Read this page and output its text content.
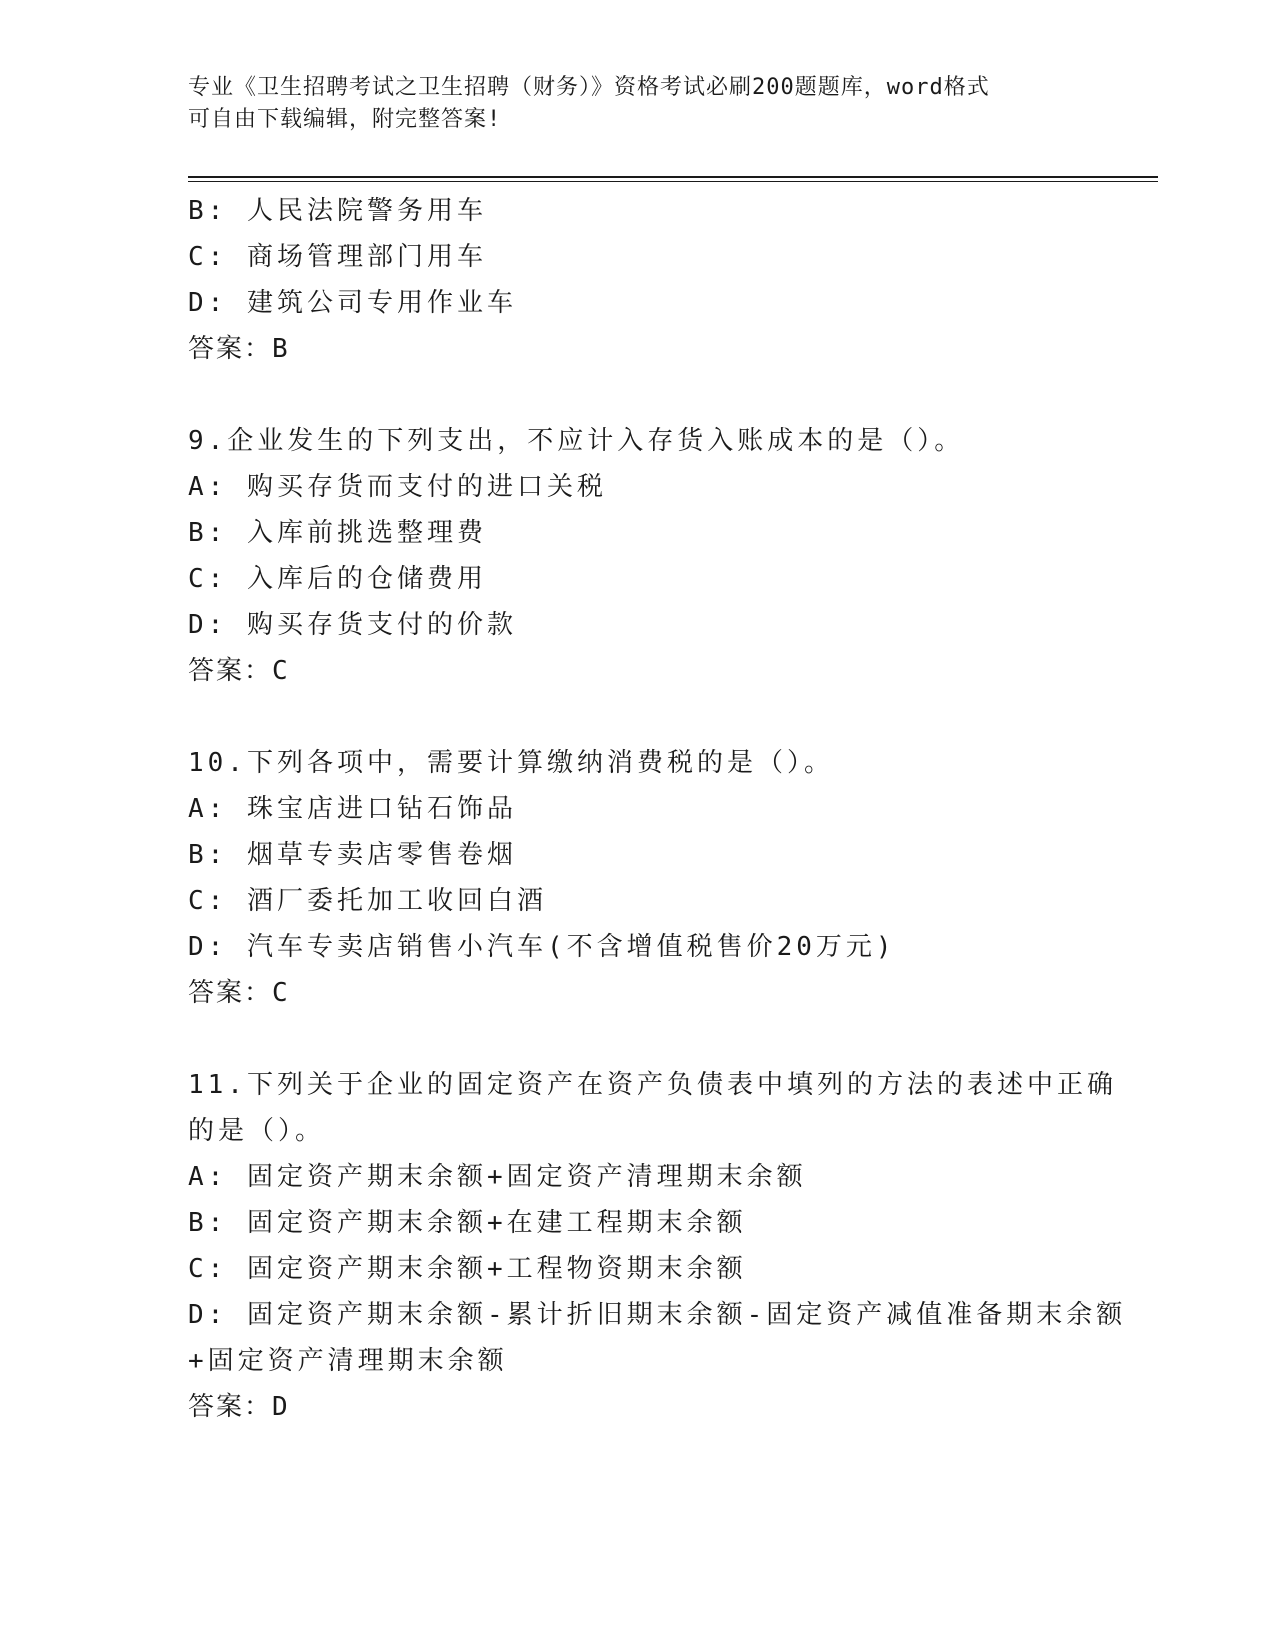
专业《卫生招聘考试之卫生招聘（财务）》资格考试必刷200题题库，word格式
可自由下载编辑，附完整答案!
B: 人民法院警务用车
C: 商场管理部门用车
D: 建筑公司专用作业车
答案：B
9.企业发生的下列支出，不应计入存货入账成本的是（）。
A: 购买存货而支付的进口关税
B: 入库前挑选整理费
C: 入库后的仓储费用
D: 购买存货支付的价款
答案：C
10.下列各项中，需要计算缴纳消费税的是（）。
A: 珠宝店进口钻石饰品
B: 烟草专卖店零售卷烟
C: 酒厂委托加工收回白酒
D: 汽车专卖店销售小汽车(不含增值税售价20万元)
答案：C
11.下列关于企业的固定资产在资产负债表中填列的方法的表述中正确
的是（）。
A: 固定资产期末余额+固定资产清理期末余额
B: 固定资产期末余额+在建工程期末余额
C: 固定资产期末余额+工程物资期末余额
D: 固定资产期末余额-累计折旧期末余额-固定资产减值准备期末余额
+固定资产清理期末余额
答案：D
